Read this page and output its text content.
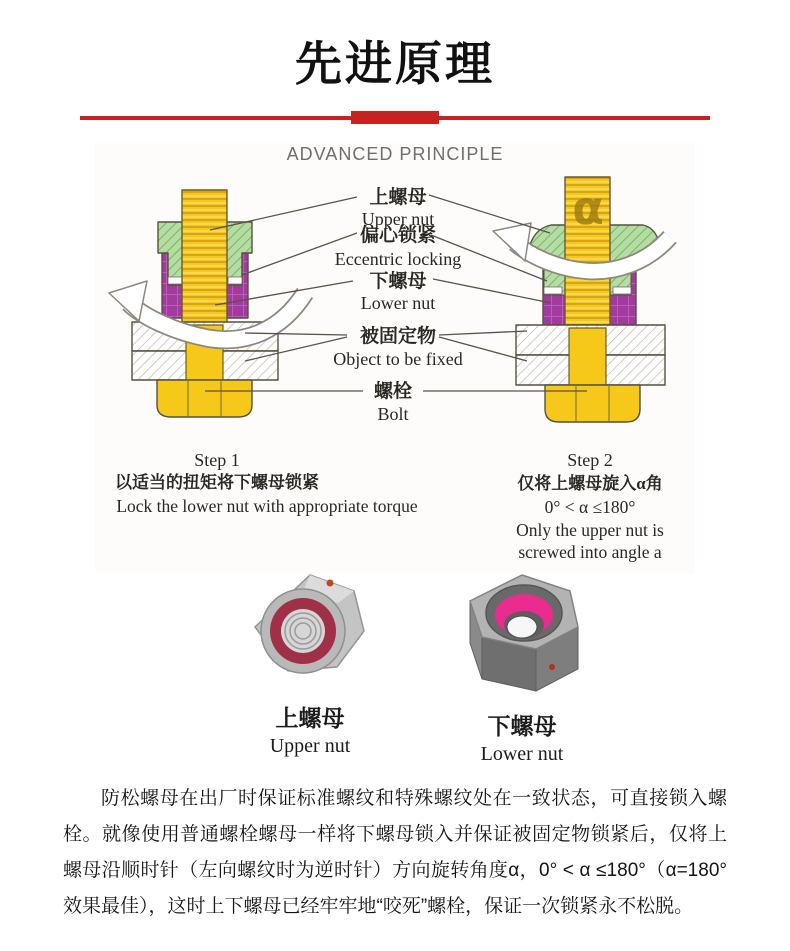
先进原理
ADVANCED PRINCIPLE
α
上螺母
Upper nut
偏心锁紧
Eccentric locking
下螺母
Lower nut
被固定物
Object to be fixed
螺栓
Bolt
Step 1
以适当的扭矩将下螺母锁紧
Lock the lower nut with appropriate torque
Step 2
仅将上螺母旋入α角
0° < α ≤180°
Only the upper nut is
screwed into angle a
上螺母
Upper nut
下螺母
Lower nut

防松螺母在出厂时保证标准螺纹和特殊螺纹处在一致状态，可直接锁入螺栓。就像使用普通螺栓螺母一样将下螺母锁入并保证被固定物锁紧后，仅将上螺母沿顺时针（左向螺纹时为逆时针）方向旋转角度α，0° < α ≤180°（α=180°效果最佳），这时上下螺母已经牢牢地“咬死”螺栓，保证一次锁紧永不松脱。
